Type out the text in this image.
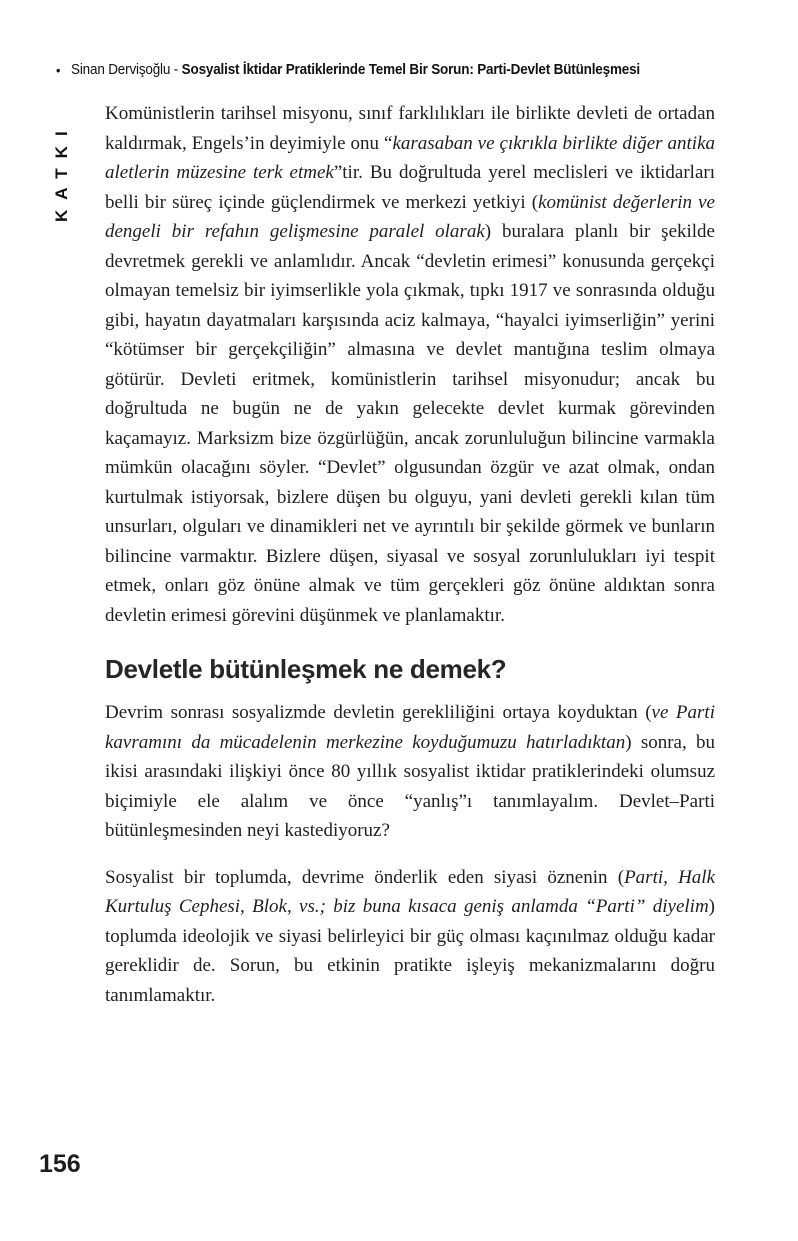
• Sinan Dervişoğlu - Sosyalist İktidar Pratiklerinde Temel Bir Sorun: Parti-Devlet Bütünleşmesi
KATKI

Komünistlerin tarihsel misyonu, sınıf farklılıkları ile birlikte devleti de ortadan kaldırmak, Engels’in deyimiyle onu “karasaban ve çıkrıkla birlikte diğer antika aletlerin müzesine terk etmek”tir. Bu doğrultuda yerel meclisleri ve iktidarları belli bir süreç içinde güçlendirmek ve merkezi yetkiyi (komünist değerlerin ve dengeli bir refahın gelişmesine paralel olarak) buralara planlı bir şekilde devretmek gerekli ve anlamlıdır. Ancak “devletin erimesi” konusunda gerçekçi olmayan temelsiz bir iyimserlikle yola çıkmak, tıpkı 1917 ve sonrasında olduğu gibi, hayatın dayatmaları karşısında aciz kalmaya, “hayalci iyimserliğin” yerini “kötümser bir gerçekçiliğin” almasına ve devlet mantığına teslim olmaya götürür. Devleti eritmek, komünistlerin tarihsel misyonudur; ancak bu doğrultuda ne bugün ne de yakın gelecekte devlet kurmak görevinden kaçamayız. Marksizm bize özgürlüğün, ancak zorunluluğun bilincine varmakla mümkün olacağını söyler. “Devlet” olgusundan özgür ve azat olmak, ondan kurtulmak istiyorsak, bizlere düşen bu olguyu, yani devleti gerekli kılan tüm unsurları, olguları ve dinamikleri net ve ayrıntılı bir şekilde görmek ve bunların bilincine varmaktır. Bizlere düşen, siyasal ve sosyal zorunlulukları iyi tespit etmek, onları göz önüne almak ve tüm gerçekleri göz önüne aldıktan sonra devletin erimesi görevini düşünmek ve planlamaktır.

Devletle bütünleşmek ne demek?

Devrim sonrası sosyalizmde devletin gerekliliğini ortaya koyduktan (ve Parti kavramını da mücadelenin merkezine koyduğumuzu hatırladıktan) sonra, bu ikisi arasındaki ilişkiyi önce 80 yıllık sosyalist iktidar pratiklerindeki olumsuz biçimiyle ele alalım ve önce “yanlış”ı tanımlayalım. Devlet–Parti bütünleşmesinden neyi kastediyoruz?

Sosyalist bir toplumda, devrime önderlik eden siyasi öznenin (Parti, Halk Kurtuluş Cephesi, Blok, vs.; biz buna kısaca geniş anlamda “Parti” diyelim) toplumda ideolojik ve siyasi belirleyici bir güç olması kaçınılmaz olduğu kadar gereklidir de. Sorun, bu etkinin pratikte işleyiş mekanizmalarını doğru tanımlamaktır.

156
